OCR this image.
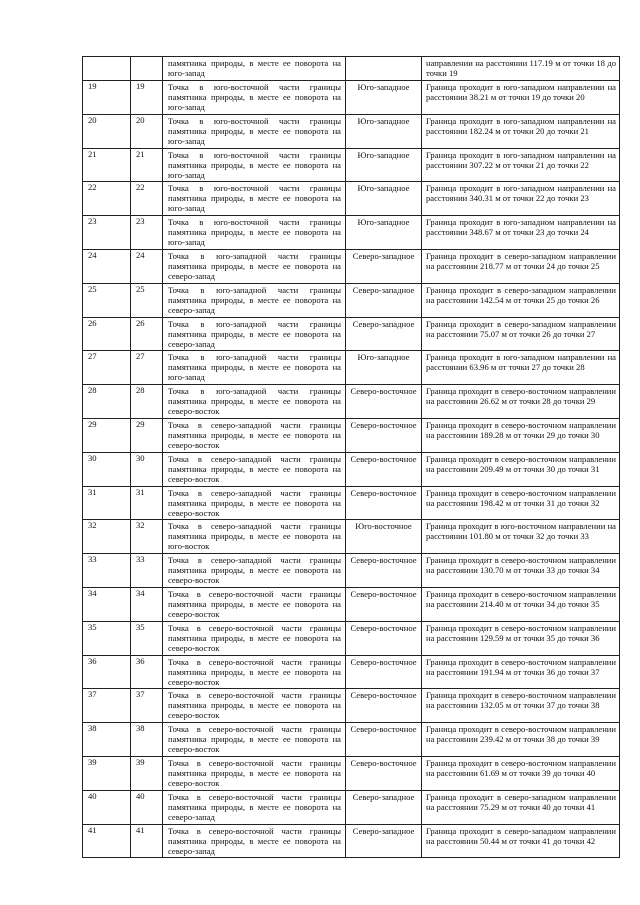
		памятника природы, в месте ее поворота на юго-запад		направлении на расстоянии 117.19 м от точки 18 до точки 19
19	19	Точка в юго-восточной части границы памятника природы, в месте ее поворота на юго-запад	Юго-западное	Граница проходит в юго-западном направлении на расстоянии 38.21 м от точки 19 до точки 20
20	20	Точка в юго-восточной части границы памятника природы, в месте ее поворота на юго-запад	Юго-западное	Граница проходит в юго-западном направлении на расстоянии 182.24 м от точки 20 до точки 21
21	21	Точка в юго-восточной части границы памятника природы, в месте ее поворота на юго-запад	Юго-западное	Граница проходит в юго-западном направлении на расстоянии 307.22 м от точки 21 до точки 22
22	22	Точка в юго-восточной части границы памятника природы, в месте ее поворота на юго-запад	Юго-западное	Граница проходит в юго-западном направлении на расстоянии 340.31 м от точки 22 до точки 23
23	23	Точка в юго-восточной части границы памятника природы, в месте ее поворота на юго-запад	Юго-западное	Граница проходит в юго-западном направлении на расстоянии 348.67 м от точки 23 до точки 24
24	24	Точка в юго-западной части границы памятника природы, в месте ее поворота на северо-запад	Северо-западное	Граница проходит в северо-западном направлении на расстоянии 218.77 м от точки 24 до точки 25
25	25	Точка в юго-западной части границы памятника природы, в месте ее поворота на северо-запад	Северо-западное	Граница проходит в северо-западном направлении на расстоянии 142.54 м от точки 25 до точки 26
26	26	Точка в юго-западной части границы памятника природы, в месте ее поворота на северо-запад	Северо-западное	Граница проходит в северо-западном направлении на расстоянии 75.07 м от точки 26 до точки 27
27	27	Точка в юго-западной части границы памятника природы, в месте ее поворота на юго-запад	Юго-западное	Граница проходит в юго-западном направлении на расстоянии 63.96 м от точки 27 до точки 28
28	28	Точка в юго-западной части границы памятника природы, в месте ее поворота на северо-восток	Северо-восточное	Граница проходит в северо-восточном направлении на расстоянии 26.62 м от точки 28 до точки 29
29	29	Точка в северо-западной части границы памятника природы, в месте ее поворота на северо-восток	Северо-восточное	Граница проходит в северо-восточном направлении на расстоянии 189.28 м от точки 29 до точки 30
30	30	Точка в северо-западной части границы памятника природы, в месте ее поворота на северо-восток	Северо-восточное	Граница проходит в северо-восточном направлении на расстоянии 209.49 м от точки 30 до точки 31
31	31	Точка в северо-западной части границы памятника природы, в месте ее поворота на северо-восток	Северо-восточное	Граница проходит в северо-восточном направлении на расстоянии 198.42 м от точки 31 до точки 32
32	32	Точка в северо-западной части границы памятника природы, в месте ее поворота на юго-восток	Юго-восточное	Граница проходит в юго-восточном направлении на расстоянии 101.80 м от точки 32 до точки 33
33	33	Точка в северо-западной части границы памятника природы, в месте ее поворота на северо-восток	Северо-восточное	Граница проходит в северо-восточном направлении на расстоянии 130.70 м от точки 33 до точки 34
34	34	Точка в северо-восточной части границы памятника природы, в месте ее поворота на северо-восток	Северо-восточное	Граница проходит в северо-восточном направлении на расстоянии 214.40 м от точки 34 до точки 35
35	35	Точка в северо-восточной части границы памятника природы, в месте ее поворота на северо-восток	Северо-восточное	Граница проходит в северо-восточном направлении на расстоянии 129.59 м от точки 35 до точки 36
36	36	Точка в северо-восточной части границы памятника природы, в месте ее поворота на северо-восток	Северо-восточное	Граница проходит в северо-восточном направлении на расстоянии 191.94 м от точки 36 до точки 37
37	37	Точка в северо-восточной части границы памятника природы, в месте ее поворота на северо-восток	Северо-восточное	Граница проходит в северо-восточном направлении на расстоянии 132.05 м от точки 37 до точки 38
38	38	Точка в северо-восточной части границы памятника природы, в месте ее поворота на северо-восток	Северо-восточное	Граница проходит в северо-восточном направлении на расстоянии 239.42 м от точки 38 до точки 39
39	39	Точка в северо-восточной части границы памятника природы, в месте ее поворота на северо-восток	Северо-восточное	Граница проходит в северо-восточном направлении на расстоянии 61.69 м от точки 39 до точки 40
40	40	Точка в северо-восточной части границы памятника природы, в месте ее поворота на северо-запад	Северо-западное	Граница проходит в северо-западном направлении на расстоянии 75.29 м от точки 40 до точки 41
41	41	Точка в северо-восточной части границы памятника природы, в месте ее поворота на северо-запад	Северо-западное	Граница проходит в северо-западном направлении на расстоянии 50.44 м от точки 41 до точки 42
